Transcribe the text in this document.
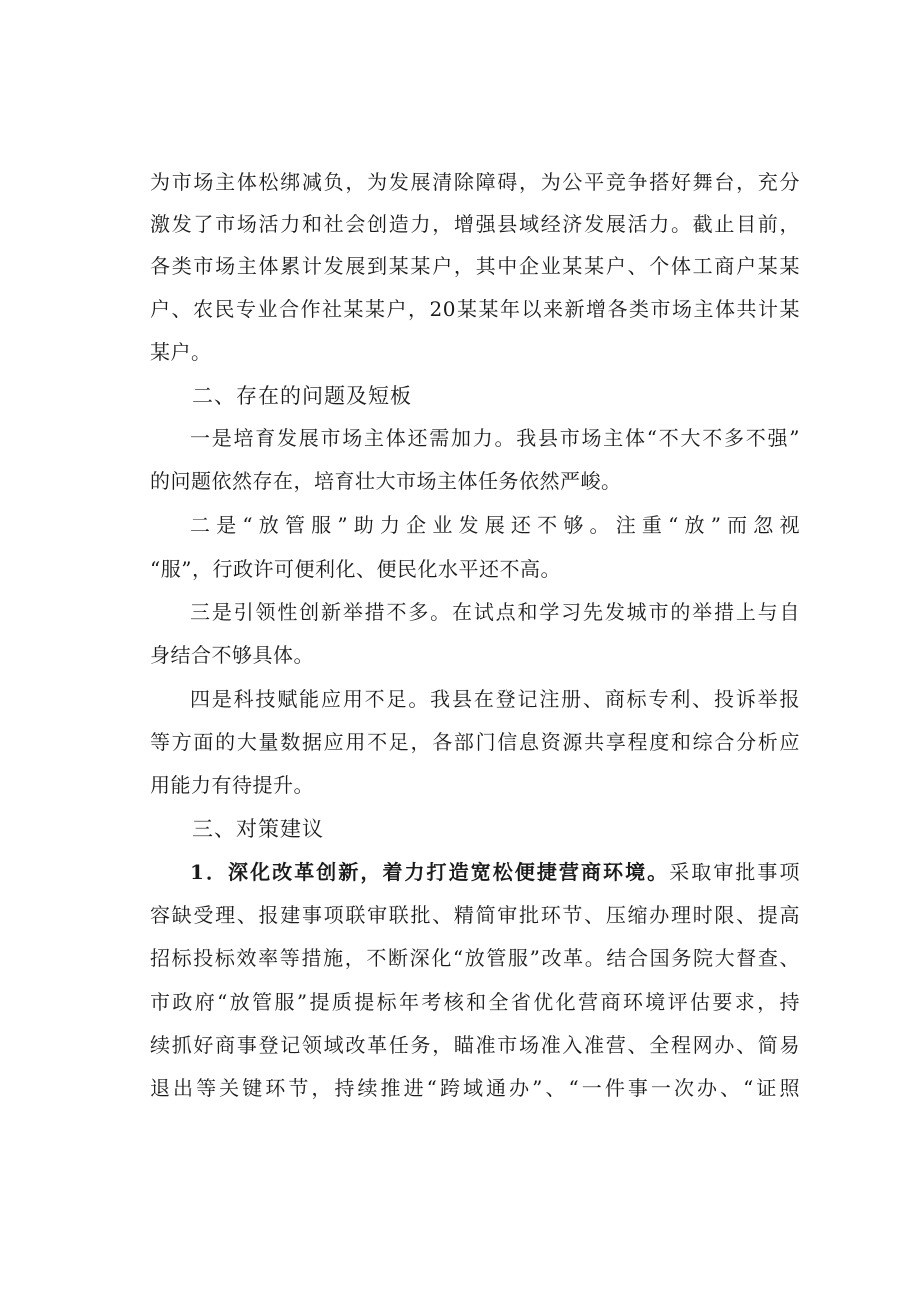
为市场主体松绑减负，为发展清除障碍，为公平竞争搭好舞台，充分
激发了市场活力和社会创造力，增强县域经济发展活力。截止目前，
各类市场主体累计发展到某某户，其中企业某某户、个体工商户某某
户、农民专业合作社某某户，20某某年以来新增各类市场主体共计某
某户。
二、存在的问题及短板
一是培育发展市场主体还需加力。我县市场主体“不大不多不强”
的问题依然存在，培育壮大市场主体任务依然严峻。
二是“放管服”助力企业发展还不够。注重“放”而忽视
“服”，行政许可便利化、便民化水平还不高。
三是引领性创新举措不多。在试点和学习先发城市的举措上与自
身结合不够具体。
四是科技赋能应用不足。我县在登记注册、商标专利、投诉举报
等方面的大量数据应用不足，各部门信息资源共享程度和综合分析应
用能力有待提升。
三、对策建议
1．深化改革创新，着力打造宽松便捷营商环境。采取审批事项
容缺受理、报建事项联审联批、精简审批环节、压缩办理时限、提高
招标投标效率等措施，不断深化“放管服”改革。结合国务院大督查、
市政府“放管服”提质提标年考核和全省优化营商环境评估要求，持
续抓好商事登记领域改革任务，瞄准市场准入准营、全程网办、简易
退出等关键环节，持续推进“跨域通办”、“一件事一次办、“证照
